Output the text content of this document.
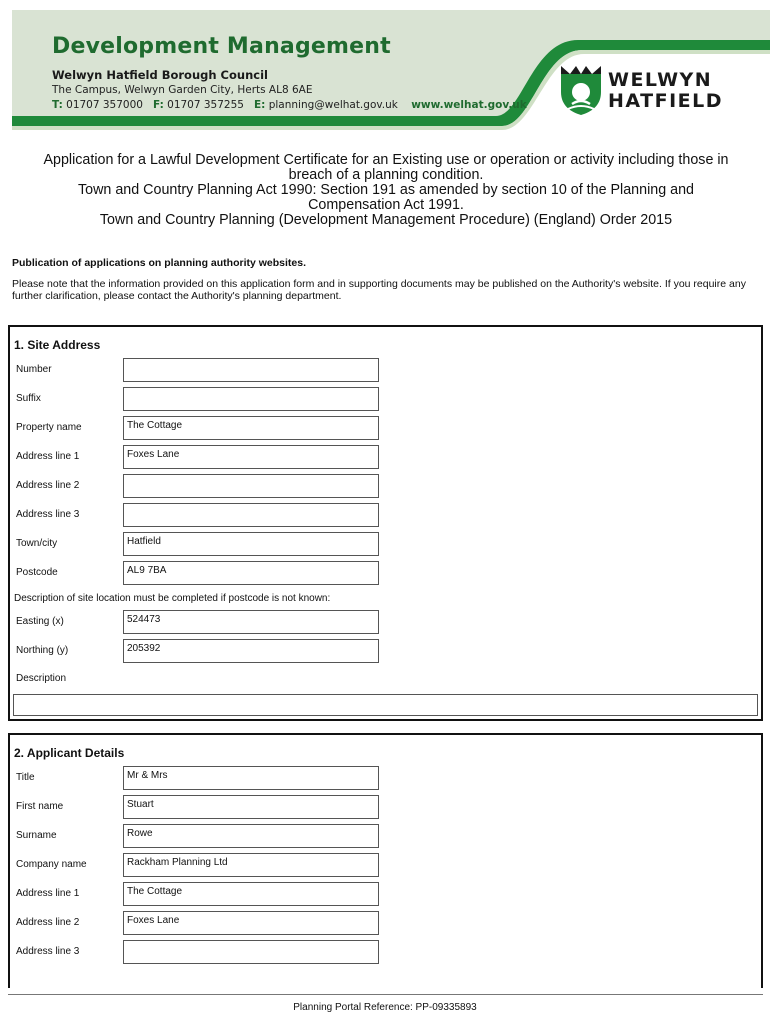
Development Management
Welwyn Hatfield Borough Council
The Campus, Welwyn Garden City, Herts AL8 6AE
T: 01707 357000 F: 01707 357255 E: planning@welhat.gov.uk www.welhat.gov.uk
WELWYN
HATFIELD
Application for a Lawful Development Certificate for an Existing use or operation or activity including those in
breach of a planning condition.
Town and Country Planning Act 1990: Section 191 as amended by section 10 of the Planning and
Compensation Act 1991.
Town and Country Planning (Development Management Procedure) (England) Order 2015
Publication of applications on planning authority websites.
Please note that the information provided on this application form and in supporting documents may be published on the Authority's website. If you require any further clarification, please contact the Authority's planning department.
1. Site Address
Number
Suffix
Property name	The Cottage
Address line 1	Foxes Lane
Address line 2
Address line 3
Town/city	Hatfield
Postcode	AL9 7BA
Description of site location must be completed if postcode is not known:
Easting (x)	524473
Northing (y)	205392
Description
2. Applicant Details
Title	Mr & Mrs
First name	Stuart
Surname	Rowe
Company name	Rackham Planning Ltd
Address line 1	The Cottage
Address line 2	Foxes Lane
Address line 3
Planning Portal Reference: PP-09335893
